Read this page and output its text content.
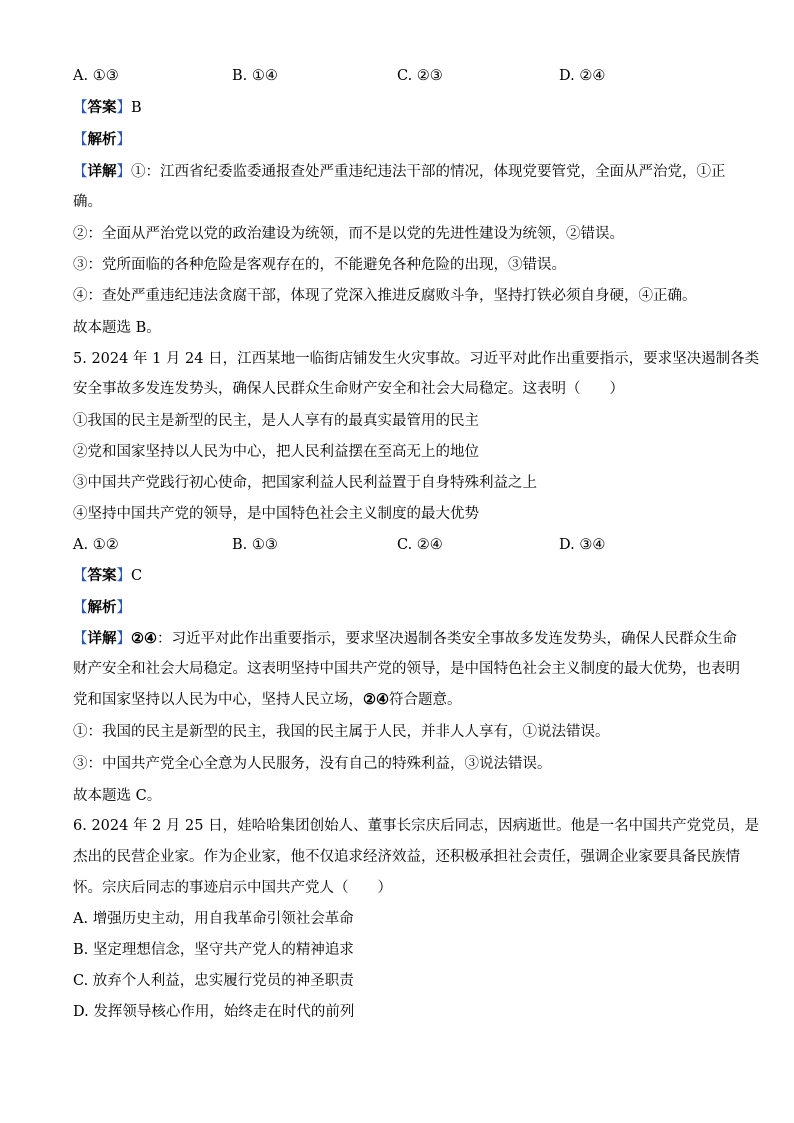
A. ①③	B. ①④	C. ②③	D. ②④
【答案】B
【解析】
【详解】①：江西省纪委监委通报查处严重违纪违法干部的情况，体现党要管党，全面从严治党，①正
确。
②：全面从严治党以党的政治建设为统领，而不是以党的先进性建设为统领，②错误。
③：党所面临的各种危险是客观存在的，不能避免各种危险的出现，③错误。
④：查处严重违纪违法贪腐干部，体现了党深入推进反腐败斗争，坚持打铁必须自身硬，④正确。
故本题选 B。
5. 2024 年 1 月 24 日，江西某地一临街店铺发生火灾事故。习近平对此作出重要指示，要求坚决遏制各类
安全事故多发连发势头，确保人民群众生命财产安全和社会大局稳定。这表明（　　）
①我国的民主是新型的民主，是人人享有的最真实最管用的民主
②党和国家坚持以人民为中心，把人民利益摆在至高无上的地位
③中国共产党践行初心使命，把国家利益人民利益置于自身特殊利益之上
④坚持中国共产党的领导，是中国特色社会主义制度的最大优势
A. ①②	B. ①③	C. ②④	D. ③④
【答案】C
【解析】
【详解】②④：习近平对此作出重要指示，要求坚决遏制各类安全事故多发连发势头，确保人民群众生命
财产安全和社会大局稳定。这表明坚持中国共产党的领导，是中国特色社会主义制度的最大优势，也表明
党和国家坚持以人民为中心，坚持人民立场，②④符合题意。
①：我国的民主是新型的民主，我国的民主属于人民，并非人人享有，①说法错误。
③：中国共产党全心全意为人民服务，没有自己的特殊利益，③说法错误。
故本题选 C。
6. 2024 年 2 月 25 日，娃哈哈集团创始人、董事长宗庆后同志，因病逝世。他是一名中国共产党党员，是
杰出的民营企业家。作为企业家，他不仅追求经济效益，还积极承担社会责任，强调企业家要具备民族情
怀。宗庆后同志的事迹启示中国共产党人（　　）
A. 增强历史主动，用自我革命引领社会革命
B. 坚定理想信念，坚守共产党人的精神追求
C. 放弃个人利益，忠实履行党员的神圣职责
D. 发挥领导核心作用，始终走在时代的前列
